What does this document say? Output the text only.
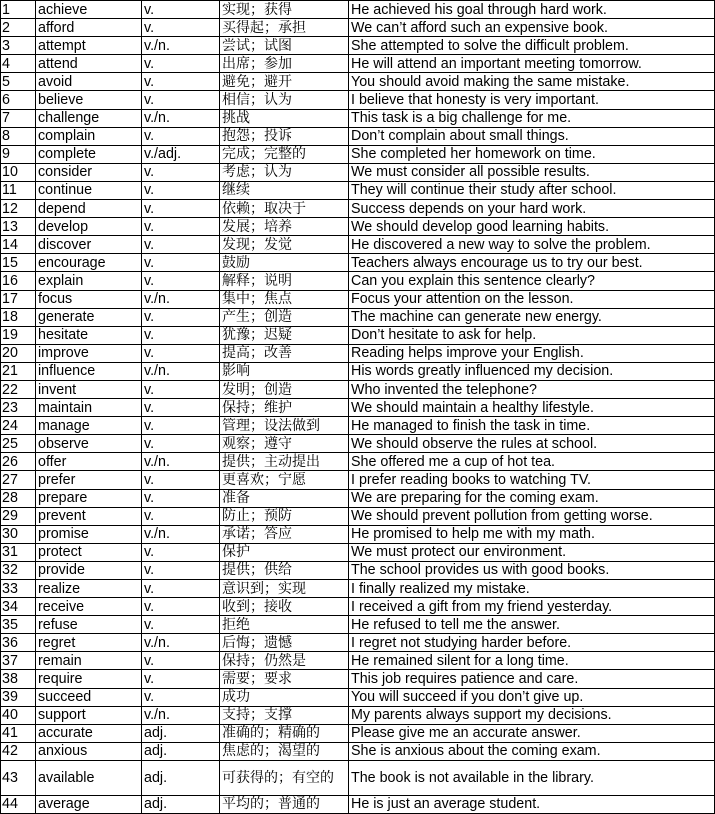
1	achieve	v.	实现；获得	He achieved his goal through hard work.
2	afford	v.	买得起；承担	We can’t afford such an expensive book.
3	attempt	v./n.	尝试；试图	She attempted to solve the difficult problem.
4	attend	v.	出席；参加	He will attend an important meeting tomorrow.
5	avoid	v.	避免；避开	You should avoid making the same mistake.
6	believe	v.	相信；认为	I believe that honesty is very important.
7	challenge	v./n.	挑战	This task is a big challenge for me.
8	complain	v.	抱怨；投诉	Don’t complain about small things.
9	complete	v./adj.	完成；完整的	She completed her homework on time.
10	consider	v.	考虑；认为	We must consider all possible results.
11	continue	v.	继续	They will continue their study after school.
12	depend	v.	依赖；取决于	Success depends on your hard work.
13	develop	v.	发展；培养	We should develop good learning habits.
14	discover	v.	发现；发觉	He discovered a new way to solve the problem.
15	encourage	v.	鼓励	Teachers always encourage us to try our best.
16	explain	v.	解释；说明	Can you explain this sentence clearly?
17	focus	v./n.	集中；焦点	Focus your attention on the lesson.
18	generate	v.	产生；创造	The machine can generate new energy.
19	hesitate	v.	犹豫；迟疑	Don’t hesitate to ask for help.
20	improve	v.	提高；改善	Reading helps improve your English.
21	influence	v./n.	影响	His words greatly influenced my decision.
22	invent	v.	发明；创造	Who invented the telephone?
23	maintain	v.	保持；维护	We should maintain a healthy lifestyle.
24	manage	v.	管理；设法做到	He managed to finish the task in time.
25	observe	v.	观察；遵守	We should observe the rules at school.
26	offer	v./n.	提供；主动提出	She offered me a cup of hot tea.
27	prefer	v.	更喜欢；宁愿	I prefer reading books to watching TV.
28	prepare	v.	准备	We are preparing for the coming exam.
29	prevent	v.	防止；预防	We should prevent pollution from getting worse.
30	promise	v./n.	承诺；答应	He promised to help me with my math.
31	protect	v.	保护	We must protect our environment.
32	provide	v.	提供；供给	The school provides us with good books.
33	realize	v.	意识到；实现	I finally realized my mistake.
34	receive	v.	收到；接收	I received a gift from my friend yesterday.
35	refuse	v.	拒绝	He refused to tell me the answer.
36	regret	v./n.	后悔；遗憾	I regret not studying harder before.
37	remain	v.	保持；仍然是	He remained silent for a long time.
38	require	v.	需要；要求	This job requires patience and care.
39	succeed	v.	成功	You will succeed if you don’t give up.
40	support	v./n.	支持；支撑	My parents always support my decisions.
41	accurate	adj.	准确的；精确的	Please give me an accurate answer.
42	anxious	adj.	焦虑的；渴望的	She is anxious about the coming exam.
43	available	adj.	可获得的；有空的	The book is not available in the library.
44	average	adj.	平均的；普通的	He is just an average student.
